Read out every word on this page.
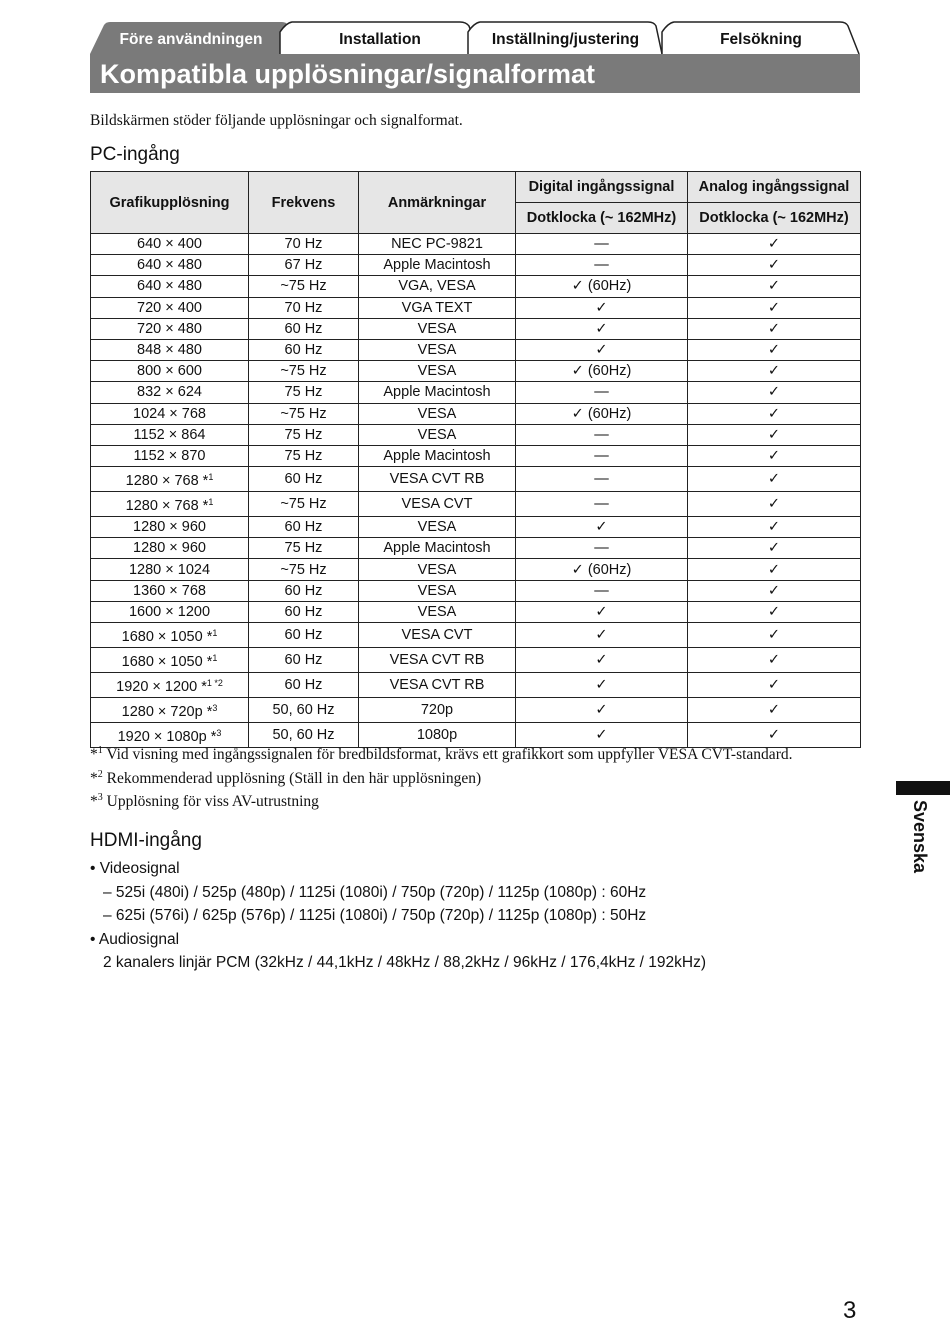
Före användningen	Installation	Inställning/justering	Felsökning
Kompatibla upplösningar/signalformat
Bildskärmen stöder följande upplösningar och signalformat.
PC-ingång
Grafikupplösning	Frekvens	Anmärkningar	Digital ingångssignal	Analog ingångssignal
			Dotklocka (~ 162MHz)	Dotklocka (~ 162MHz)
640 × 400	70 Hz	NEC PC-9821	—	✓
640 × 480	67 Hz	Apple Macintosh	—	✓
640 × 480	~75 Hz	VGA, VESA	✓ (60Hz)	✓
720 × 400	70 Hz	VGA TEXT	✓	✓
720 × 480	60 Hz	VESA	✓	✓
848 × 480	60 Hz	VESA	✓	✓
800 × 600	~75 Hz	VESA	✓ (60Hz)	✓
832 × 624	75 Hz	Apple Macintosh	—	✓
1024 × 768	~75 Hz	VESA	✓ (60Hz)	✓
1152 × 864	75 Hz	VESA	—	✓
1152 × 870	75 Hz	Apple Macintosh	—	✓
1280 × 768 *$^1$	60 Hz	VESA CVT RB	—	✓
1280 × 768 *$^1$	~75 Hz	VESA CVT	—	✓
1280 × 960	60 Hz	VESA	✓	✓
1280 × 960	75 Hz	Apple Macintosh	—	✓
1280 × 1024	~75 Hz	VESA	✓ (60Hz)	✓
1360 × 768	60 Hz	VESA	—	✓
1600 × 1200	60 Hz	VESA	✓	✓
1680 × 1050 *$^1$	60 Hz	VESA CVT	✓	✓
1680 × 1050 *$^1$	60 Hz	VESA CVT RB	✓	✓
1920 × 1200 *$^{1 *2}$	60 Hz	VESA CVT RB	✓	✓
1280 × 720p *$^3$	50, 60 Hz	720p	✓	✓
1920 × 1080p *$^3$	50, 60 Hz	1080p	✓	✓
*$^1$ Vid visning med ingångssignalen för bredbildsformat, krävs ett grafikkort som uppfyller VESA CVT-standard.
*$^2$ Rekommenderad upplösning (Ställ in den här upplösningen)
*$^3$ Upplösning för viss AV-utrustning
HDMI-ingång
• Videosignal
– 525i (480i) / 525p (480p) / 1125i (1080i) / 750p (720p) / 1125p (1080p) : 60Hz
– 625i (576i) / 625p (576p) / 1125i (1080i) / 750p (720p) / 1125p (1080p) : 50Hz
• Audiosignal
2 kanalers linjär PCM (32kHz / 44,1kHz / 48kHz / 88,2kHz / 96kHz / 176,4kHz / 192kHz)
Svenska
3
